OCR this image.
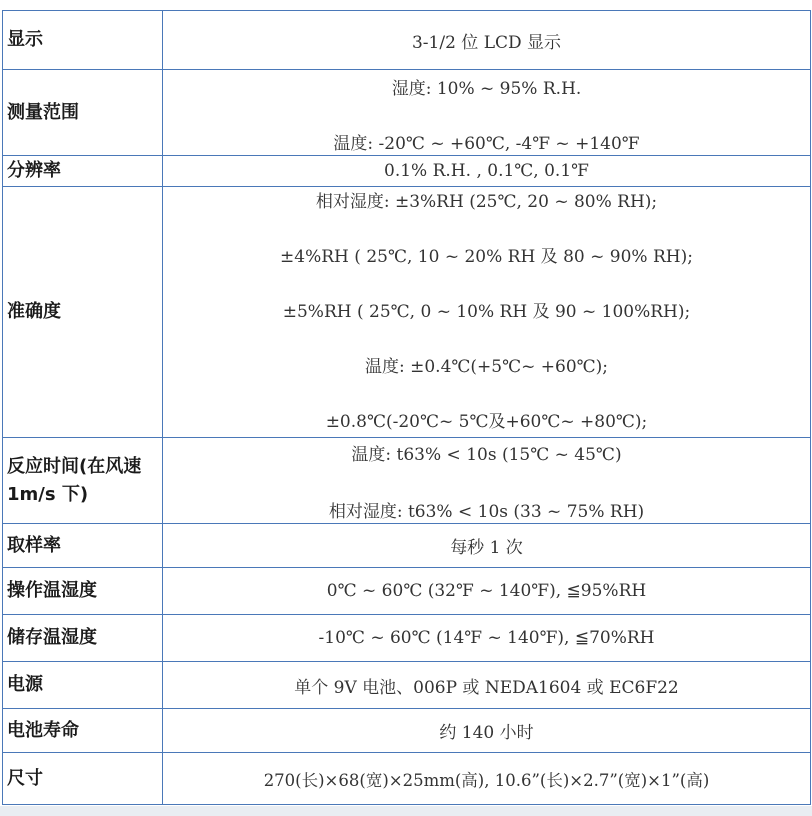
显示	3-1/2 位 LCD 显示

测量范围	湿度: 10% ~ 95% R.H.
温度: -20℃ ~ +60℃, -4℉ ~ +140℉

分辨率	0.1% R.H. , 0.1℃, 0.1℉

准确度	相对湿度: ±3%RH (25℃, 20 ~ 80% RH);
±4%RH ( 25℃, 10 ~ 20% RH 及 80 ~ 90% RH);
±5%RH ( 25℃, 0 ~ 10% RH 及 90 ~ 100%RH);
温度: ±0.4℃(+5℃~ +60℃);
±0.8℃(-20℃~ 5℃及+60℃~ +80℃);

反应时间(在风速 1m/s 下)	温度: t63% < 10s (15℃ ~ 45℃)
相对湿度: t63% < 10s (33 ~ 75% RH)

取样率	每秒 1 次

操作温湿度	0℃ ~ 60℃ (32℉ ~ 140℉), ≦95%RH

储存温湿度	-10℃ ~ 60℃ (14℉ ~ 140℉), ≦70%RH

电源	单个 9V 电池、006P 或 NEDA1604 或 EC6F22

电池寿命	约 140 小时

尺寸	270(长)×68(宽)×25mm(高), 10.6”(长)×2.7”(宽)×1”(高)
